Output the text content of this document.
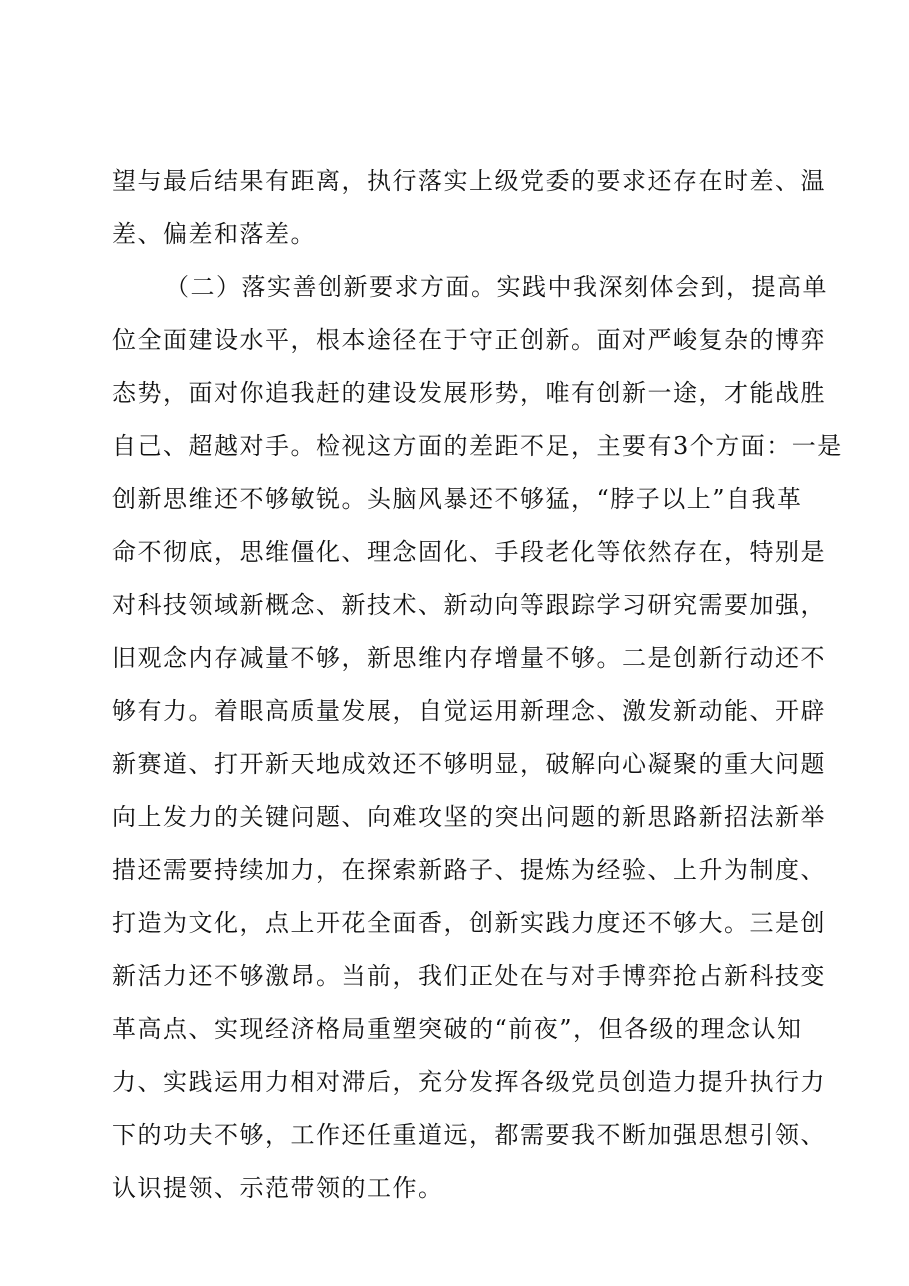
望与最后结果有距离，执行落实上级党委的要求还存在时差、温
差、偏差和落差。
（二）落实善创新要求方面。实践中我深刻体会到，提高单
位全面建设水平，根本途径在于守正创新。面对严峻复杂的博弈
态势，面对你追我赶的建设发展形势，唯有创新一途，才能战胜
自己、超越对手。检视这方面的差距不足，主要有3个方面：一是
创新思维还不够敏锐。头脑风暴还不够猛，“脖子以上”自我革
命不彻底，思维僵化、理念固化、手段老化等依然存在，特别是
对科技领域新概念、新技术、新动向等跟踪学习研究需要加强，
旧观念内存减量不够，新思维内存增量不够。二是创新行动还不
够有力。着眼高质量发展，自觉运用新理念、激发新动能、开辟
新赛道、打开新天地成效还不够明显，破解向心凝聚的重大问题
向上发力的关键问题、向难攻坚的突出问题的新思路新招法新举
措还需要持续加力，在探索新路子、提炼为经验、上升为制度、
打造为文化，点上开花全面香，创新实践力度还不够大。三是创
新活力还不够激昂。当前，我们正处在与对手博弈抢占新科技变
革高点、实现经济格局重塑突破的“前夜”，但各级的理念认知
力、实践运用力相对滞后，充分发挥各级党员创造力提升执行力
下的功夫不够，工作还任重道远，都需要我不断加强思想引领、
认识提领、示范带领的工作。
